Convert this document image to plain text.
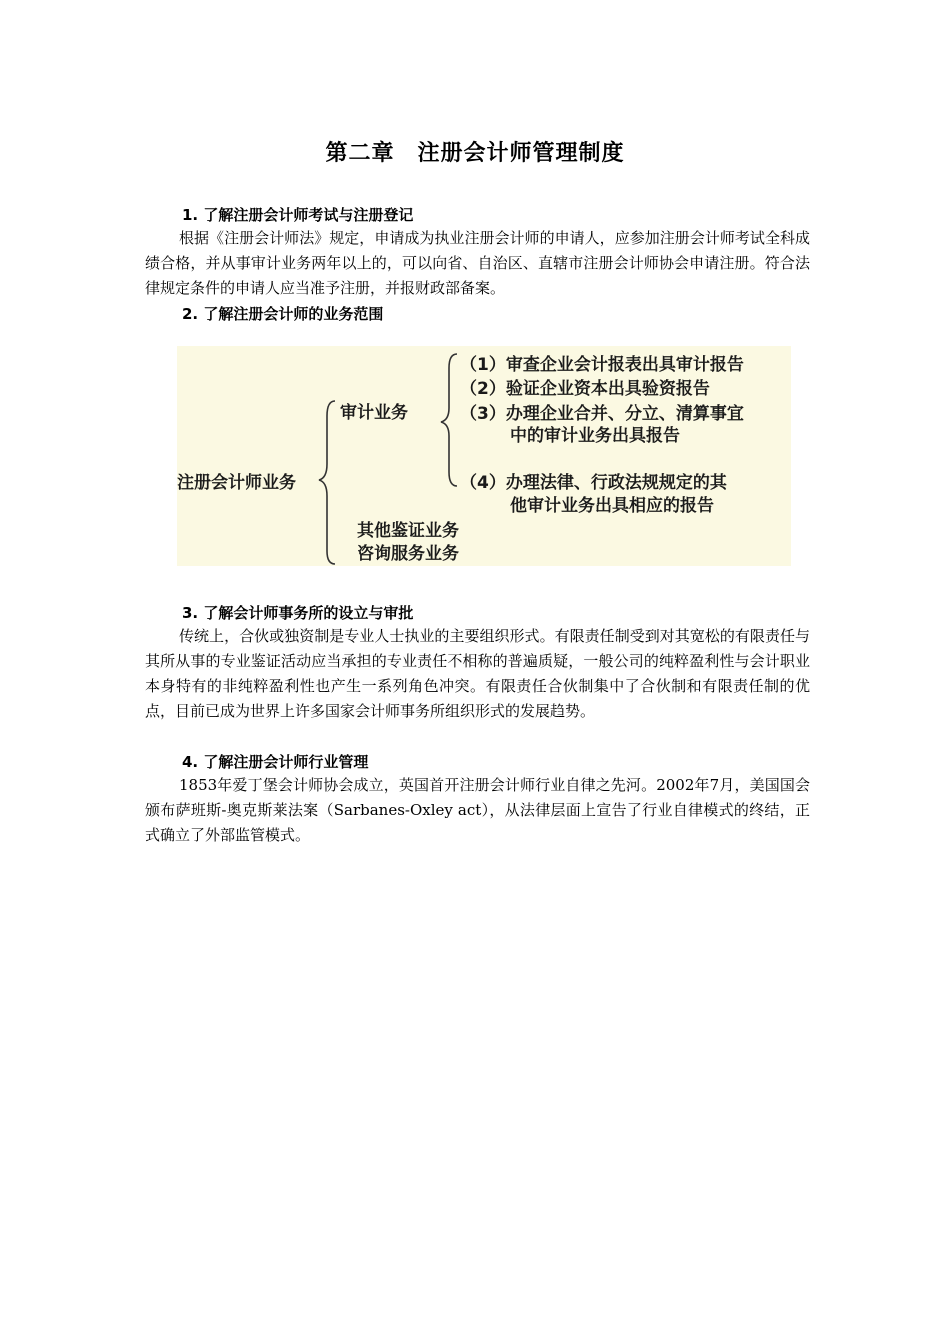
第二章　注册会计师管理制度
1. 了解注册会计师考试与注册登记
根据《注册会计师法》规定，申请成为执业注册会计师的申请人，应参加注册会计师考试全科成绩合格，并从事审计业务两年以上的，可以向省、自治区、直辖市注册会计师协会申请注册。符合法律规定条件的申请人应当准予注册，并报财政部备案。
2. 了解注册会计师的业务范围
注册会计师业务
审计业务
（1）审查企业会计报表出具审计报告
（2）验证企业资本出具验资报告
（3）办理企业合并、分立、清算事宜
中的审计业务出具报告
（4）办理法律、行政法规规定的其
他审计业务出具相应的报告
其他鉴证业务
咨询服务业务
3. 了解会计师事务所的设立与审批
传统上，合伙或独资制是专业人士执业的主要组织形式。有限责任制受到对其宽松的有限责任与其所从事的专业鉴证活动应当承担的专业责任不相称的普遍质疑，一般公司的纯粹盈利性与会计职业本身特有的非纯粹盈利性也产生一系列角色冲突。有限责任合伙制集中了合伙制和有限责任制的优点，目前已成为世界上许多国家会计师事务所组织形式的发展趋势。
4. 了解注册会计师行业管理
1853年爱丁堡会计师协会成立，英国首开注册会计师行业自律之先河。2002年7月，美国国会颁布萨班斯-奥克斯莱法案（Sarbanes-Oxley act），从法律层面上宣告了行业自律模式的终结，正式确立了外部监管模式。
